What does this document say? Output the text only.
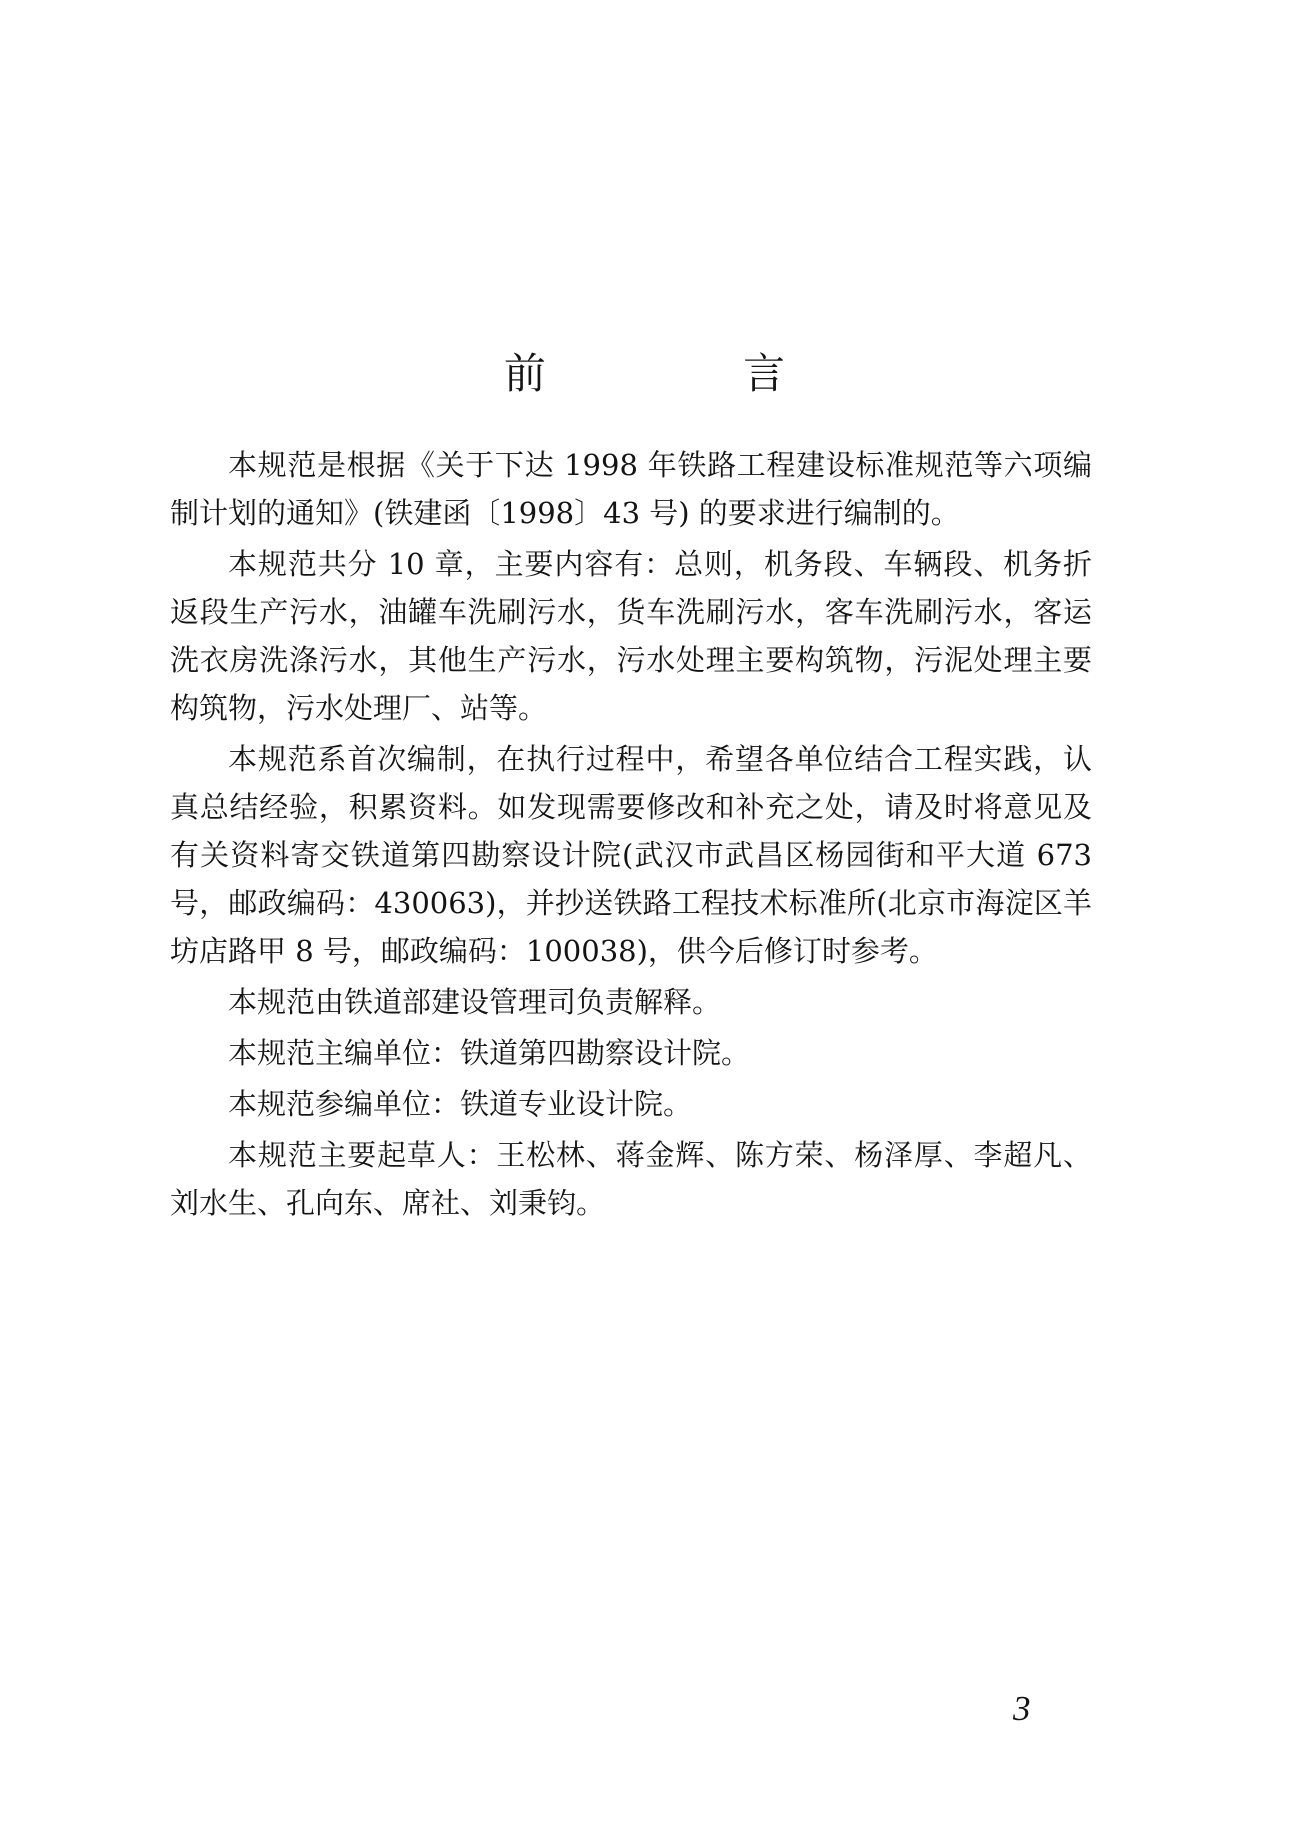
前 言

本规范是根据《关于下达 1998 年铁路工程建设标准规范等六项编制计划的通知》(铁建函〔1998〕43 号) 的要求进行编制的。

本规范共分 10 章，主要内容有：总则，机务段、车辆段、机务折返段生产污水，油罐车洗刷污水，货车洗刷污水，客车洗刷污水，客运洗衣房洗涤污水，其他生产污水，污水处理主要构筑物，污泥处理主要构筑物，污水处理厂、站等。

本规范系首次编制，在执行过程中，希望各单位结合工程实践，认真总结经验，积累资料。如发现需要修改和补充之处，请及时将意见及有关资料寄交铁道第四勘察设计院(武汉市武昌区杨园街和平大道 673 号，邮政编码：430063)，并抄送铁路工程技术标准所(北京市海淀区羊坊店路甲 8 号，邮政编码：100038)，供今后修订时参考。

本规范由铁道部建设管理司负责解释。

本规范主编单位：铁道第四勘察设计院。

本规范参编单位：铁道专业设计院。

本规范主要起草人：王松林、蒋金辉、陈方荣、杨泽厚、李超凡、刘水生、孔向东、席社、刘秉钧。

3
